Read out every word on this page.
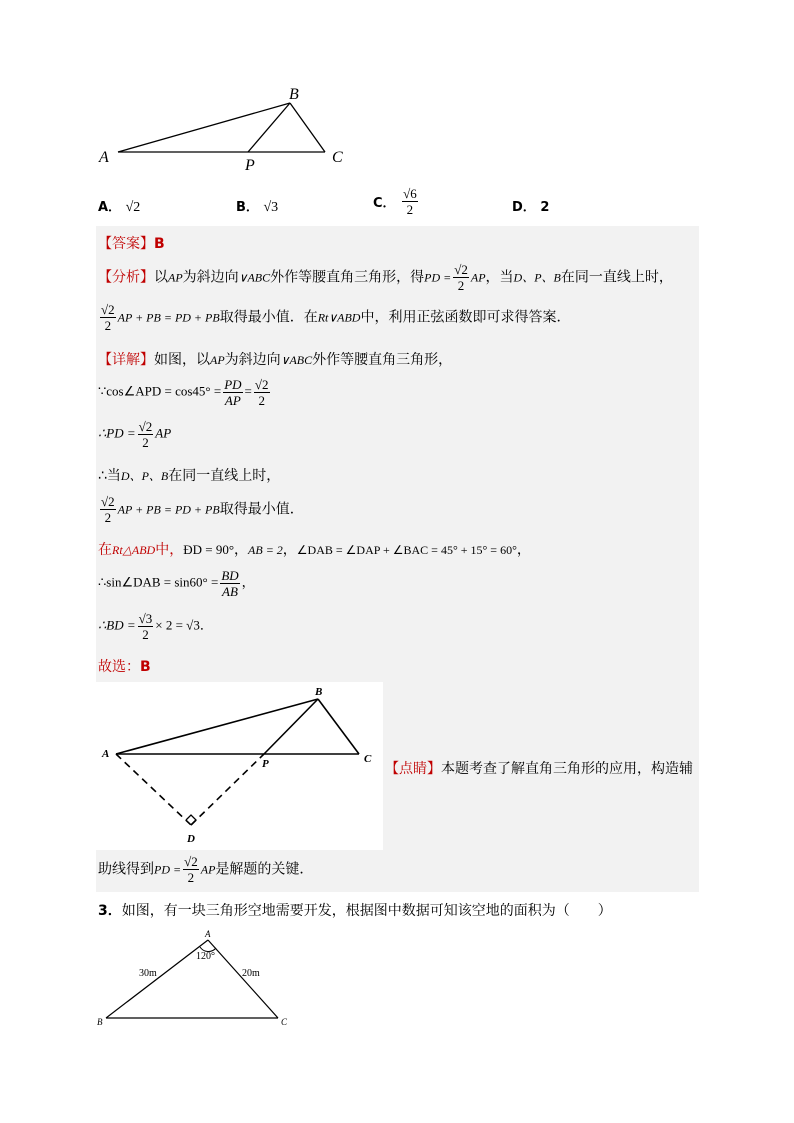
A
B
C
P
A． √2	B． √3	C． $\frac{√6}{2}$	D． 2
【答案】B
【分析】以AP为斜边向∨ABC外作等腰直角三角形，得PD = $\frac{√2}{2}$ AP，当D、P、B在同一直线上时，
$\frac{√2}{2}$ AP + PB = PD + PB取得最小值．在Rt∨ABD中，利用正弦函数即可求得答案．
【详解】如图，以AP为斜边向∨ABC外作等腰直角三角形，
∵cos∠APD = $\cos 45^\circ = \frac{PD}{AP} = \frac{√2}{2}$
∴PD = $\frac{√2}{2}$ AP
∴当D、P、B在同一直线上时，
$\frac{√2}{2}$ AP + PB = PD + PB取得最小值．
在Rt△ABD中，ÐD = 90°，AB = 2，∠DAB = ∠DAP + ∠BAC = 45° + 15° = 60°，
∴sin∠DAB = $\sin 60^\circ = \frac{BD}{AB}$ ，
∴BD = $\frac{√3}{2} \times 2 = √3$．
故选：B
A
B
C
P
D
【点睛】本题考查了解直角三角形的应用，构造辅
助线得到PD = $\frac{√2}{2}$ AP是解题的关键．
3．如图，有一块三角形空地需要开发，根据图中数据可知该空地的面积为（　　）
A
B	C
120°
30m	20m
